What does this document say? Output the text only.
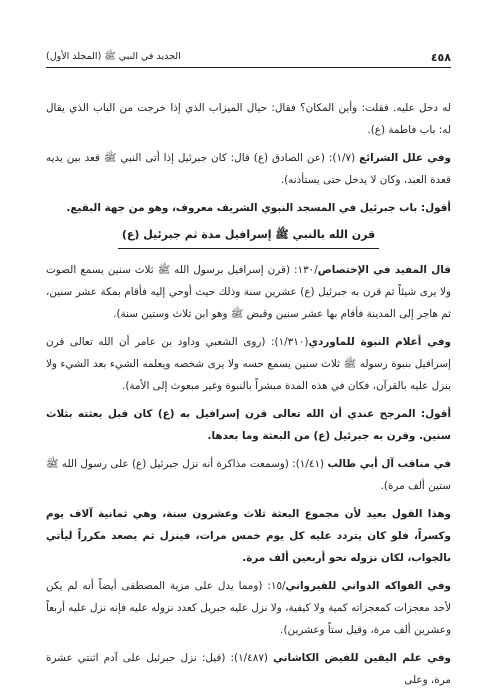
٤٥٨
الجديد في النبي ﷺ (المجلد الأول)

له دخل عليه. فقلت: وأين المكان؟ فقال: حيال الميزاب الذي إذا خرجت من الباب الذي يقال له: باب فاطمة (ع).

وفي علل الشرائع (١/٧): (عن الصادق (ع) قال: كان جبرئيل إذا أتى النبي ﷺ قعد بين يديه قعدة العبد، وكان لا يدخل حتى يستأذنه).

أقول: باب جبرئيل في المسجد النبوي الشريف معروف، وهو من جهة البقيع.

قرن الله بالنبي ﷺ إسرافيل مدة ثم جبرئيل (ع)

قال المفيد في الإختصاص/١٣٠: (قرن إسرافيل برسول الله ﷺ ثلاث سنين يسمع الصوت ولا يرى شيئاً ثم قرن به جبرئيل (ع) عشرين سنة وذلك حيث أوحي إليه فأقام بمكة عشر سنين، ثم هاجر إلى المدينة فأقام بها عشر سنين وقبض ﷺ وهو ابن ثلاث وستين سنة).

وفي أعلام النبوة للماوردي(١/٣١٠): (روى الشعبي وداود بن عامر أن الله تعالى قرن إسرافيل بنبوة رسوله ﷺ ثلاث سنين يسمع حسه ولا يرى شخصه ويعلمه الشيء بعد الشيء ولا ينزل عليه بالقرآن، فكان في هذه المدة مبشراً بالنبوة وغير مبعوث إلى الأمة).

أقول: المرجح عندي أن الله تعالى قرن إسرافيل به (ع) كان قبل بعثته بثلاث سنين. وقرن به جبرئيل (ع) من البعثة وما بعدها.

في مناقب آل أبي طالب (١/٤١): (وسمعت مذاكرة أنه نزل جبرئيل (ع) على رسول الله ﷺ ستين ألف مرة).

وهذا القول بعيد لأن مجموع البعثة ثلاث وعشرون سنة، وهي ثمانية آلاف يوم وكسراً، فلو كان يتردد عليه كل يوم خمس مرات، فينزل ثم يصعد مكرراً ليأتي بالجواب، لكان نزوله نحو أربعين ألف مرة.

وفي الفواكه الدواني للقيرواني/١٥: (ومما يدل على مزية المصطفى أيضاً أنه لم يكن لأحد معجزات كمعجزاته كمية ولا كيفية، ولا نزل عليه جبريل كعدد نزوله عليه فإنه نزل عليه أربعاً وعشرين ألف مرة، وقيل ستاً وعشرين).

وفي علم اليقين للفيض الكاشاني (١/٤٨٧): (قيل: نزل جبرئيل على آدم اثنتي عشرة مرة، وعلى
